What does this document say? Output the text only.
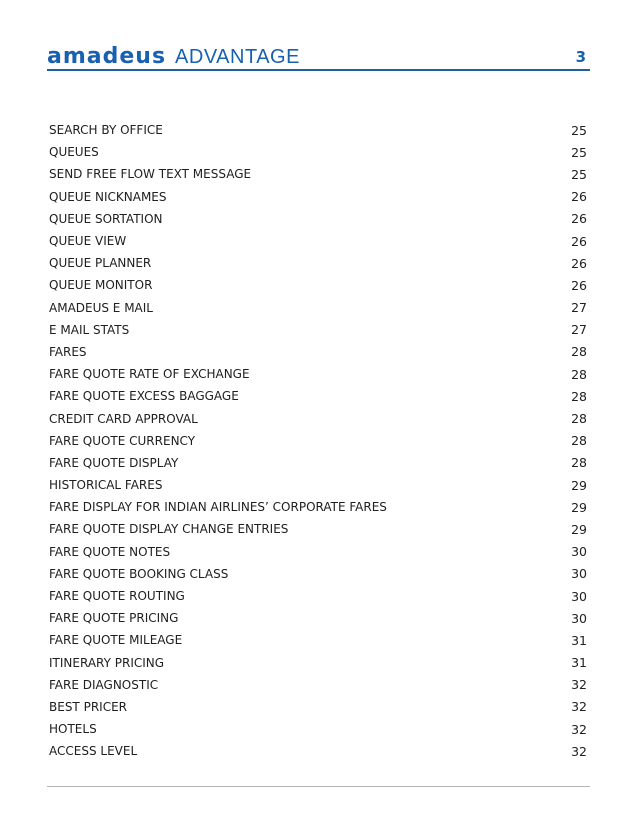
amadeus ADVANTAGE	3
SEARCH BY OFFICE	25
QUEUES	25
SEND FREE FLOW TEXT MESSAGE	25
QUEUE NICKNAMES	26
QUEUE SORTATION	26
QUEUE VIEW	26
QUEUE PLANNER	26
QUEUE MONITOR	26
AMADEUS E MAIL	27
E MAIL STATS	27
FARES	28
FARE QUOTE RATE OF EXCHANGE	28
FARE QUOTE EXCESS BAGGAGE	28
CREDIT CARD APPROVAL	28
FARE QUOTE CURRENCY	28
FARE QUOTE DISPLAY	28
HISTORICAL FARES	29
FARE DISPLAY FOR INDIAN AIRLINES’ CORPORATE FARES	29
FARE QUOTE DISPLAY CHANGE ENTRIES	29
FARE QUOTE NOTES	30
FARE QUOTE BOOKING CLASS	30
FARE QUOTE ROUTING	30
FARE QUOTE PRICING	30
FARE QUOTE MILEAGE	31
ITINERARY PRICING	31
FARE DIAGNOSTIC	32
BEST PRICER	32
HOTELS	32
ACCESS LEVEL	32
